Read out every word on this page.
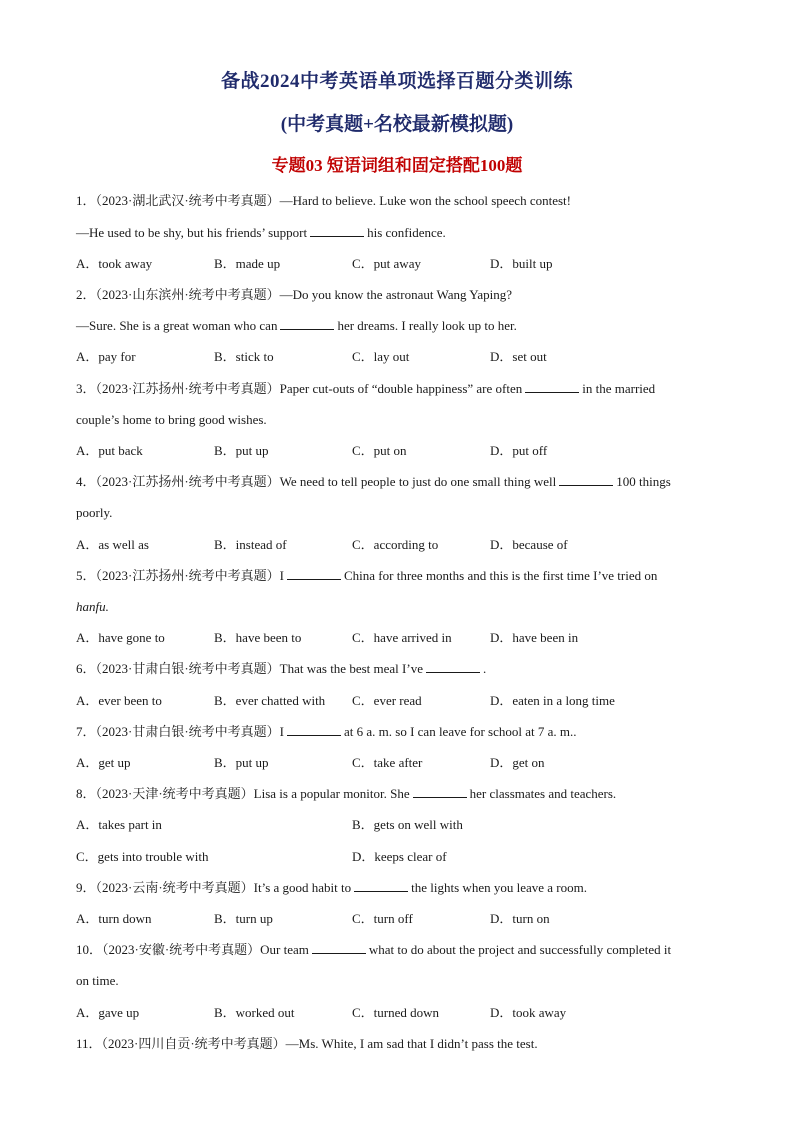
备战2024中考英语单项选择百题分类训练
(中考真题+名校最新模拟题)
专题03 短语词组和固定搭配100题
1．（2023·湖北武汉·统考中考真题）—Hard to believe. Luke won the school speech contest!
—He used to be shy, but his friends’ support	his confidence.
A．took away	B．made up	C．put away	D．built up
2．（2023·山东滨州·统考中考真题）—Do you know the astronaut Wang Yaping?
—Sure. She is a great woman who can	her dreams. I really look up to her.
A．pay for	B．stick to	C．lay out	D．set out
3．（2023·江苏扬州·统考中考真题）Paper cut-outs of “double happiness” are often	in the married
couple’s home to bring good wishes.
A．put back	B．put up	C．put on	D．put off
4．（2023·江苏扬州·统考中考真题）We need to tell people to just do one small thing well	100 things
poorly.
A．as well as	B．instead of	C．according to	D．because of
5．（2023·江苏扬州·统考中考真题）I	China for three months and this is the first time I’ve tried on
hanfu.
A．have gone to	B．have been to	C．have arrived in	D．have been in
6．（2023·甘肃白银·统考中考真题）That was the best meal I’ve	.
A．ever been to	B．ever chatted with C．ever read	D．eaten in a long time
7．（2023·甘肃白银·统考中考真题）I	at 6 a. m. so I can leave for school at 7 a. m..
A．get up	B．put up	C．take after	D．get on
8．（2023·天津·统考中考真题）Lisa is a popular monitor. She	her classmates and teachers.
A．takes part in	B．gets on well with
C．gets into trouble with	D．keeps clear of
9．（2023·云南·统考中考真题）It’s a good habit to	the lights when you leave a room.
A．turn down	B．turn up	C．turn off	D．turn on
10．（2023·安徽·统考中考真题）Our team	what to do about the project and successfully completed it
on time.
A．gave up	B．worked out	C．turned down	D．took away
11．（2023·四川自贡·统考中考真题）—Ms. White, I am sad that I didn’t pass the test.
